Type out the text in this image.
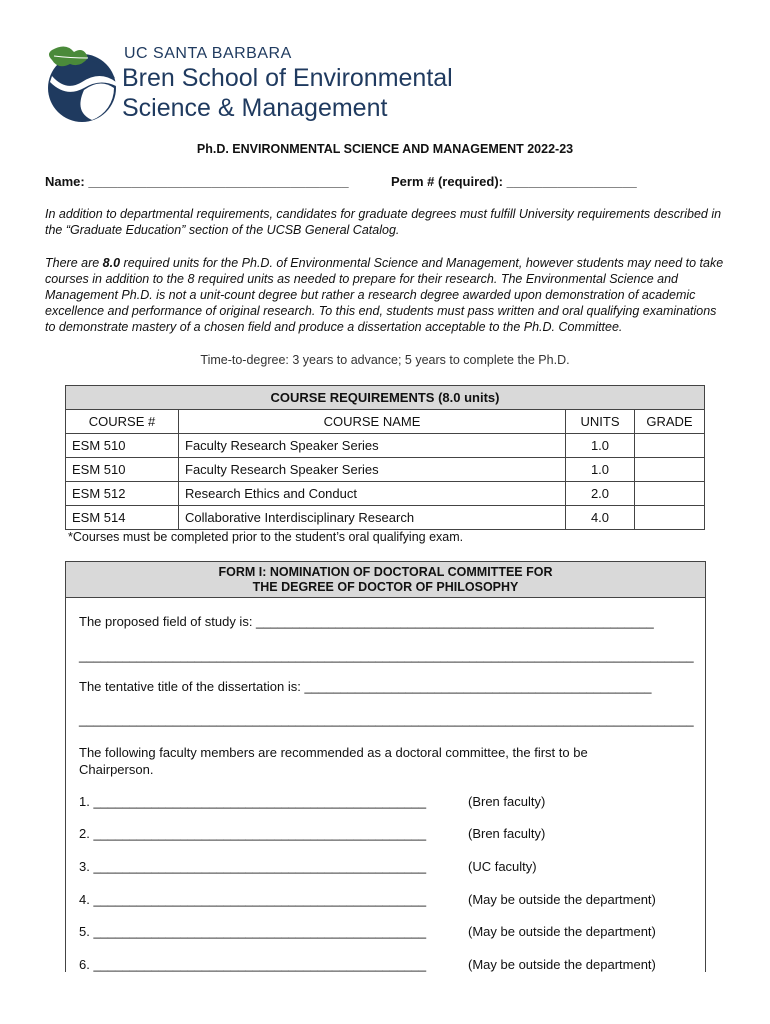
UC SANTA BARBARA
Bren School of Environmental
Science & Management
Ph.D. ENVIRONMENTAL SCIENCE AND MANAGEMENT 2022-23
Name: ____________________________________	Perm # (required): __________________
In addition to departmental requirements, candidates for graduate degrees must fulfill University requirements described in the “Graduate Education” section of the UCSB General Catalog.
There are 8.0 required units for the Ph.D. of Environmental Science and Management, however students may need to take courses in addition to the 8 required units as needed to prepare for their research. The Environmental Science and Management Ph.D. is not a unit-count degree but rather a research degree awarded upon demonstration of academic excellence and performance of original research. To this end, students must pass written and oral qualifying examinations to demonstrate mastery of a chosen field and produce a dissertation acceptable to the Ph.D. Committee.
Time-to-degree: 3 years to advance; 5 years to complete the Ph.D.
COURSE REQUIREMENTS (8.0 units)			
COURSE #	COURSE NAME	UNITS	GRADE
ESM 510	Faculty Research Speaker Series	1.0	
ESM 510	Faculty Research Speaker Series	1.0	
ESM 512	Research Ethics and Conduct	2.0	
ESM 514	Collaborative Interdisciplinary Research	4.0	
*Courses must be completed prior to the student’s oral qualifying exam.
FORM I: NOMINATION OF DOCTORAL COMMITTEE FOR
THE DEGREE OF DOCTOR OF PHILOSOPHY
The proposed field of study is: _______________________________________________________
_____________________________________________________________________________________
The tentative title of the dissertation is: ________________________________________________
_____________________________________________________________________________________
The following faculty members are recommended as a doctoral committee, the first to be Chairperson.
1. ______________________________________________	(Bren faculty)
2. ______________________________________________	(Bren faculty)
3. ______________________________________________	(UC faculty)
4. ______________________________________________	(May be outside the department)
5. ______________________________________________	(May be outside the department)
6. ______________________________________________	(May be outside the department)
